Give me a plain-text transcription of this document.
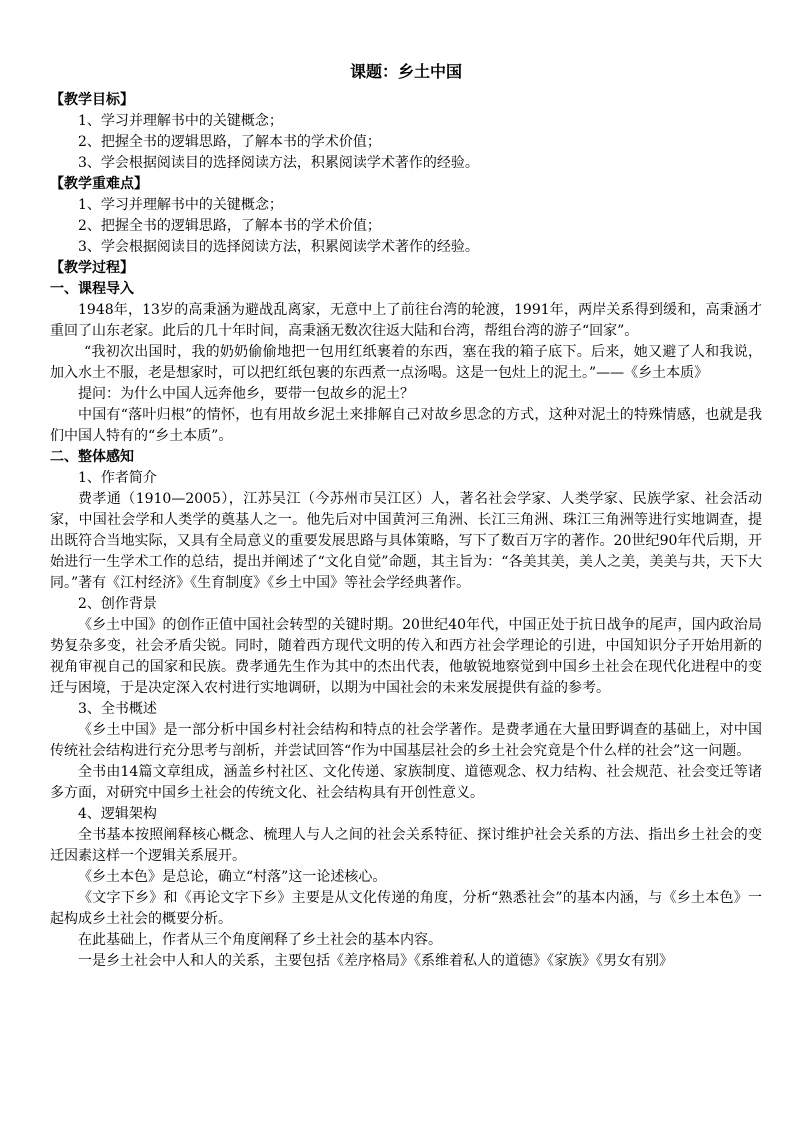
课题：乡土中国
【教学目标】
1、学习并理解书中的关键概念；
2、把握全书的逻辑思路，了解本书的学术价值；
3、学会根据阅读目的选择阅读方法，积累阅读学术著作的经验。
【教学重难点】
1、学习并理解书中的关键概念；
2、把握全书的逻辑思路，了解本书的学术价值；
3、学会根据阅读目的选择阅读方法，积累阅读学术著作的经验。
【教学过程】
一、课程导入
1948年，13岁的高秉涵为避战乱离家，无意中上了前往台湾的轮渡，1991年，两岸关系得到缓和，高秉涵才重回了山东老家。此后的几十年时间，高秉涵无数次往返大陆和台湾，帮组台湾的游子“回家”。
“我初次出国时，我的奶奶偷偷地把一包用红纸裹着的东西，塞在我的箱子底下。后来，她又避了人和我说，加入水土不服，老是想家时，可以把红纸包裹的东西煮一点汤喝。这是一包灶上的泥土。”——《乡土本质》
提问：为什么中国人远奔他乡，要带一包故乡的泥土？
中国有“落叶归根”的情怀，也有用故乡泥土来排解自己对故乡思念的方式，这种对泥土的特殊情感，也就是我们中国人特有的“乡土本质”。
二、整体感知
1、作者简介
费孝通（1910—2005），江苏吴江（今苏州市吴江区）人，著名社会学家、人类学家、民族学家、社会活动家，中国社会学和人类学的奠基人之一。他先后对中国黄河三角洲、长江三角洲、珠江三角洲等进行实地调查，提出既符合当地实际，又具有全局意义的重要发展思路与具体策略，写下了数百万字的著作。20世纪90年代后期，开始进行一生学术工作的总结，提出并阐述了“文化自觉”命题，其主旨为：“各美其美，美人之美，美美与共，天下大同。”著有《江村经济》《生育制度》《乡土中国》等社会学经典著作。
2、创作背景
《乡土中国》的创作正值中国社会转型的关键时期。20世纪40年代，中国正处于抗日战争的尾声，国内政治局势复杂多变，社会矛盾尖锐。同时，随着西方现代文明的传入和西方社会学理论的引进，中国知识分子开始用新的视角审视自己的国家和民族。费孝通先生作为其中的杰出代表，他敏锐地察觉到中国乡土社会在现代化进程中的变迁与困境，于是决定深入农村进行实地调研，以期为中国社会的未来发展提供有益的参考。
3、全书概述
《乡土中国》是一部分析中国乡村社会结构和特点的社会学著作。是费孝通在大量田野调查的基础上，对中国传统社会结构进行充分思考与剖析，并尝试回答“作为中国基层社会的乡土社会究竟是个什么样的社会”这一问题。
全书由14篇文章组成，涵盖乡村社区、文化传递、家族制度、道德观念、权力结构、社会规范、社会变迁等诸多方面，对研究中国乡土社会的传统文化、社会结构具有开创性意义。
4、逻辑架构
全书基本按照阐释核心概念、梳理人与人之间的社会关系特征、探讨维护社会关系的方法、指出乡土社会的变迁因素这样一个逻辑关系展开。
《乡土本色》是总论，确立“村落”这一论述核心。
《文字下乡》和《再论文字下乡》主要是从文化传递的角度，分析“熟悉社会”的基本内涵，与《乡土本色》一起构成乡土社会的概要分析。
在此基础上，作者从三个角度阐释了乡土社会的基本内容。
一是乡土社会中人和人的关系，主要包括《差序格局》《系维着私人的道德》《家族》《男女有别》
